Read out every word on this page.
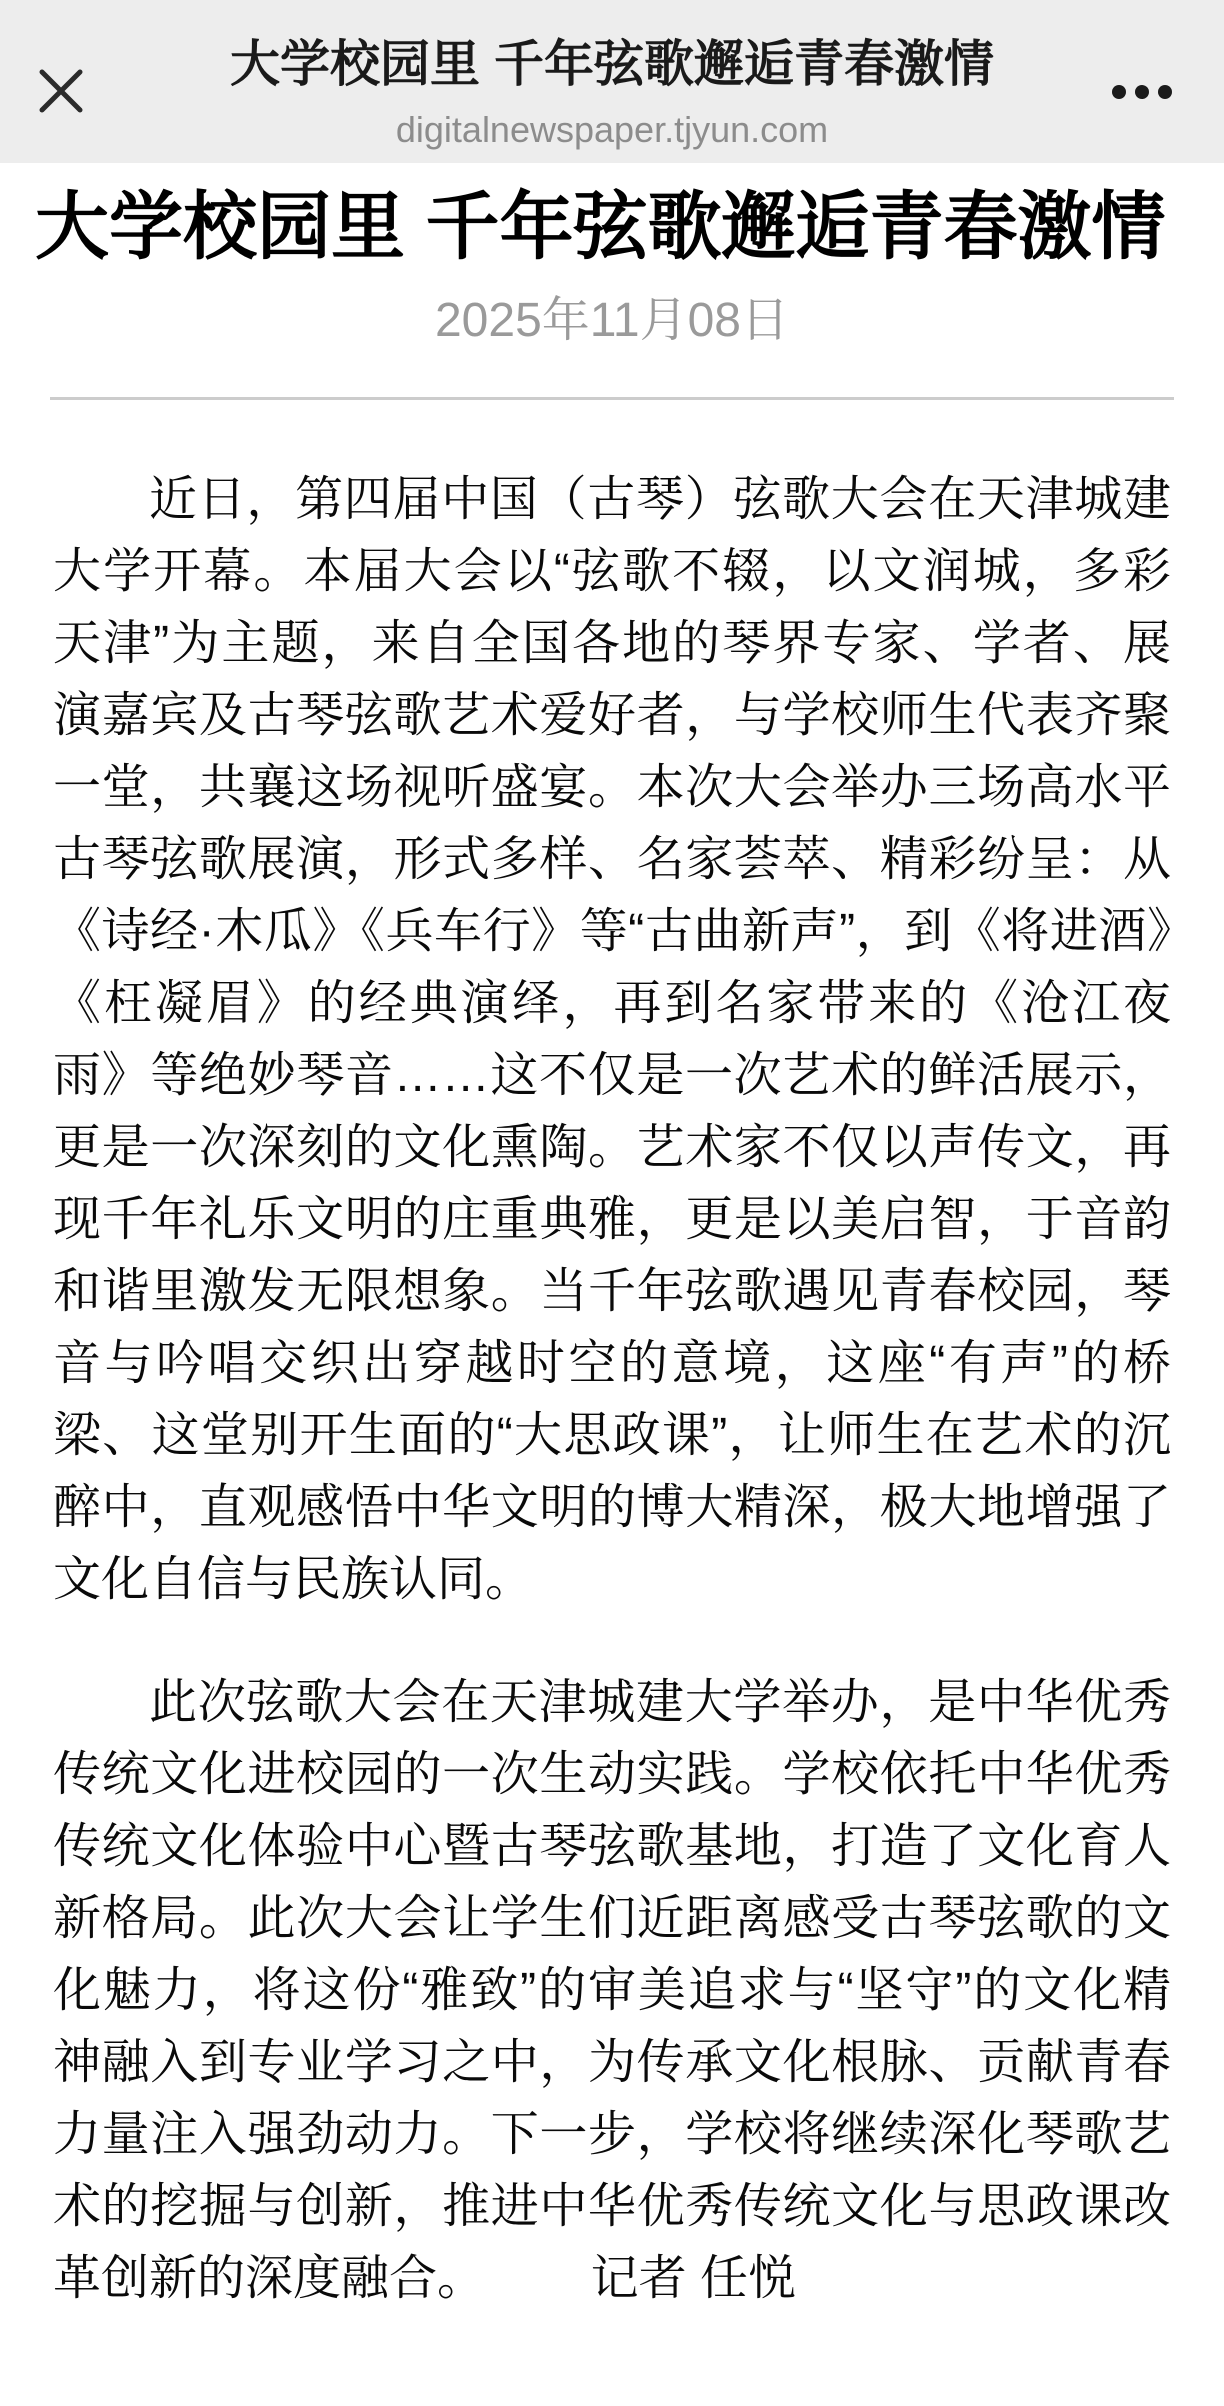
大学校园里 千年弦歌邂逅青春激情
digitalnewspaper.tjyun.com
大学校园里 千年弦歌邂逅青春激情
2025年11月08日

近日，第四届中国（古琴）弦歌大会在天津城建大学开幕。本届大会以“弦歌不辍，以文润城，多彩天津”为主题，来自全国各地的琴界专家、学者、展演嘉宾及古琴弦歌艺术爱好者，与学校师生代表齐聚一堂，共襄这场视听盛宴。本次大会举办三场高水平古琴弦歌展演，形式多样、名家荟萃、精彩纷呈：从《诗经·木瓜》《兵车行》等“古曲新声”，到《将进酒》《枉凝眉》的经典演绎，再到名家带来的《沧江夜雨》等绝妙琴音……这不仅是一次艺术的鲜活展示，更是一次深刻的文化熏陶。艺术家不仅以声传文，再现千年礼乐文明的庄重典雅，更是以美启智，于音韵和谐里激发无限想象。当千年弦歌遇见青春校园，琴音与吟唱交织出穿越时空的意境，这座“有声”的桥梁、这堂别开生面的“大思政课”，让师生在艺术的沉醉中，直观感悟中华文明的博大精深，极大地增强了文化自信与民族认同。

此次弦歌大会在天津城建大学举办，是中华优秀传统文化进校园的一次生动实践。学校依托中华优秀传统文化体验中心暨古琴弦歌基地，打造了文化育人新格局。此次大会让学生们近距离感受古琴弦歌的文化魅力，将这份“雅致”的审美追求与“坚守”的文化精神融入到专业学习之中，为传承文化根脉、贡献青春力量注入强劲动力。下一步，学校将继续深化琴歌艺术的挖掘与创新，推进中华优秀传统文化与思政课改革创新的深度融合。 记者 任悦
